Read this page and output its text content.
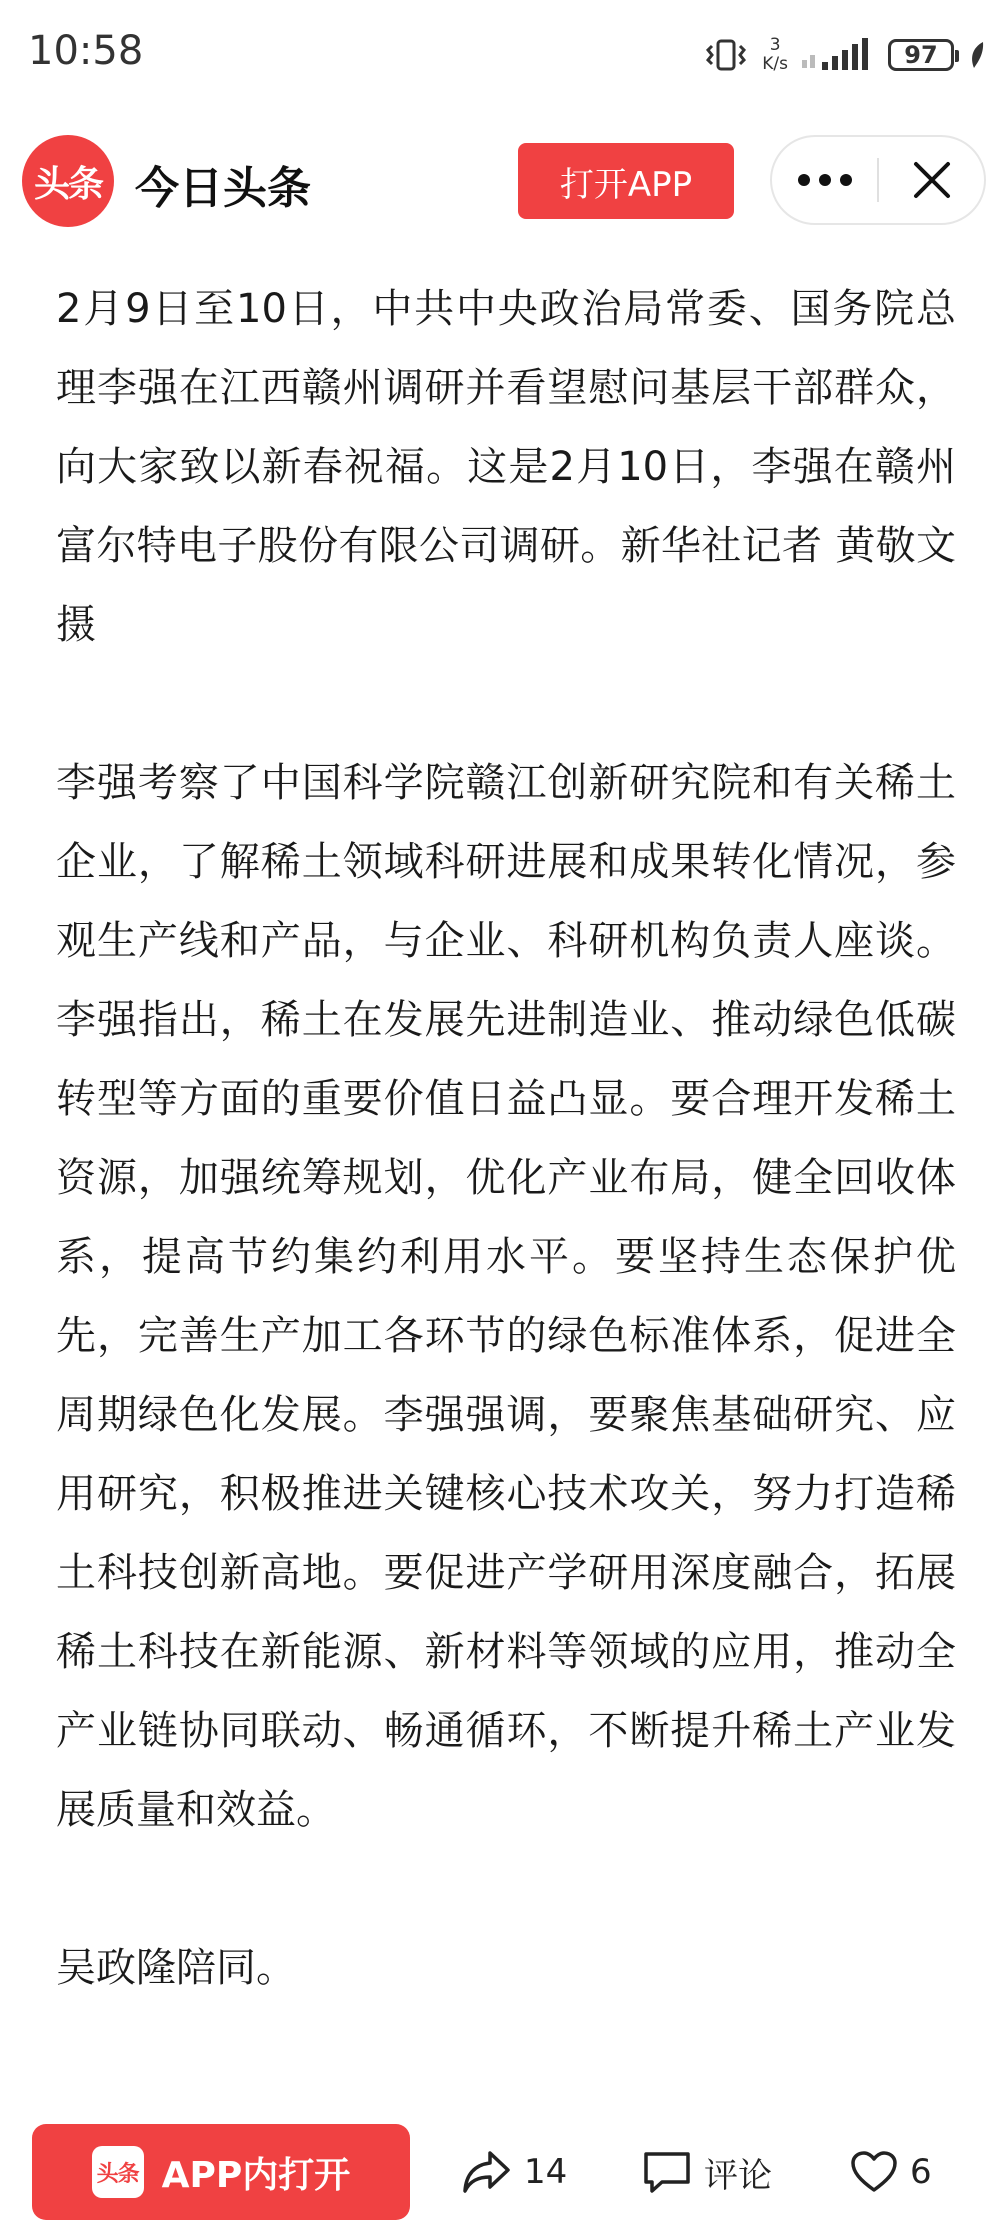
10:58	3
K/s	97
头条 今日头条	打开APP

2月9日至10日，中共中央政治局常委、国务院总理李强在江西赣州调研并看望慰问基层干部群众，向大家致以新春祝福。这是2月10日，李强在赣州富尔特电子股份有限公司调研。新华社记者 黄敬文 摄

李强考察了中国科学院赣江创新研究院和有关稀土企业，了解稀土领域科研进展和成果转化情况，参观生产线和产品，与企业、科研机构负责人座谈。李强指出，稀土在发展先进制造业、推动绿色低碳转型等方面的重要价值日益凸显。要合理开发稀土资源，加强统筹规划，优化产业布局，健全回收体系，提高节约集约利用水平。要坚持生态保护优先，完善生产加工各环节的绿色标准体系，促进全周期绿色化发展。李强强调，要聚焦基础研究、应用研究，积极推进关键核心技术攻关，努力打造稀土科技创新高地。要促进产学研用深度融合，拓展稀土科技在新能源、新材料等领域的应用，推动全产业链协同联动、畅通循环，不断提升稀土产业发展质量和效益。

吴政隆陪同。

头条 APP内打开	14	评论	6
